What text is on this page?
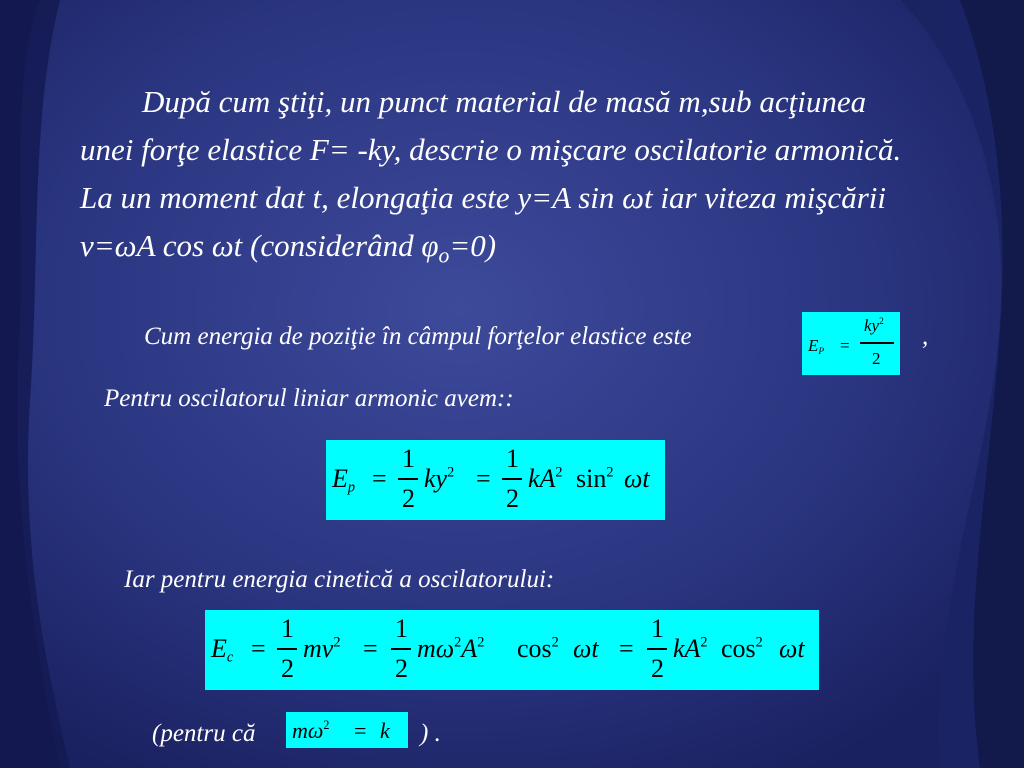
După cum ştiţi, un punct material de masă m,sub acţiunea
unei forţe elastice F= -ky, descrie o mişcare oscilatorie armonică.
La un moment dat t, elongaţia este y=A sin ωt iar viteza mişcării
v=ωA cos ωt (considerând $\varphi_o=0$)
Cum energia de poziţie în câmpul forţelor elastice este	$E_P$ =
$ky^2$
2
,
Pentru oscilatorul liniar armonic avem::
$E_p$ =
1
2
$ky^2$ =
1
2
$kA^2$ $\sin^2 \omega t$
Iar pentru energia cinetică a oscilatorului:
$E_c$ =
1
2
$mv^2$ =
1
2
$m\omega^2A^2$ $\cos^2 \omega t$ =
1
2
$kA^2$ $\cos^2 \omega t$
(pentru că $m\omega^2 = k$ ) .
